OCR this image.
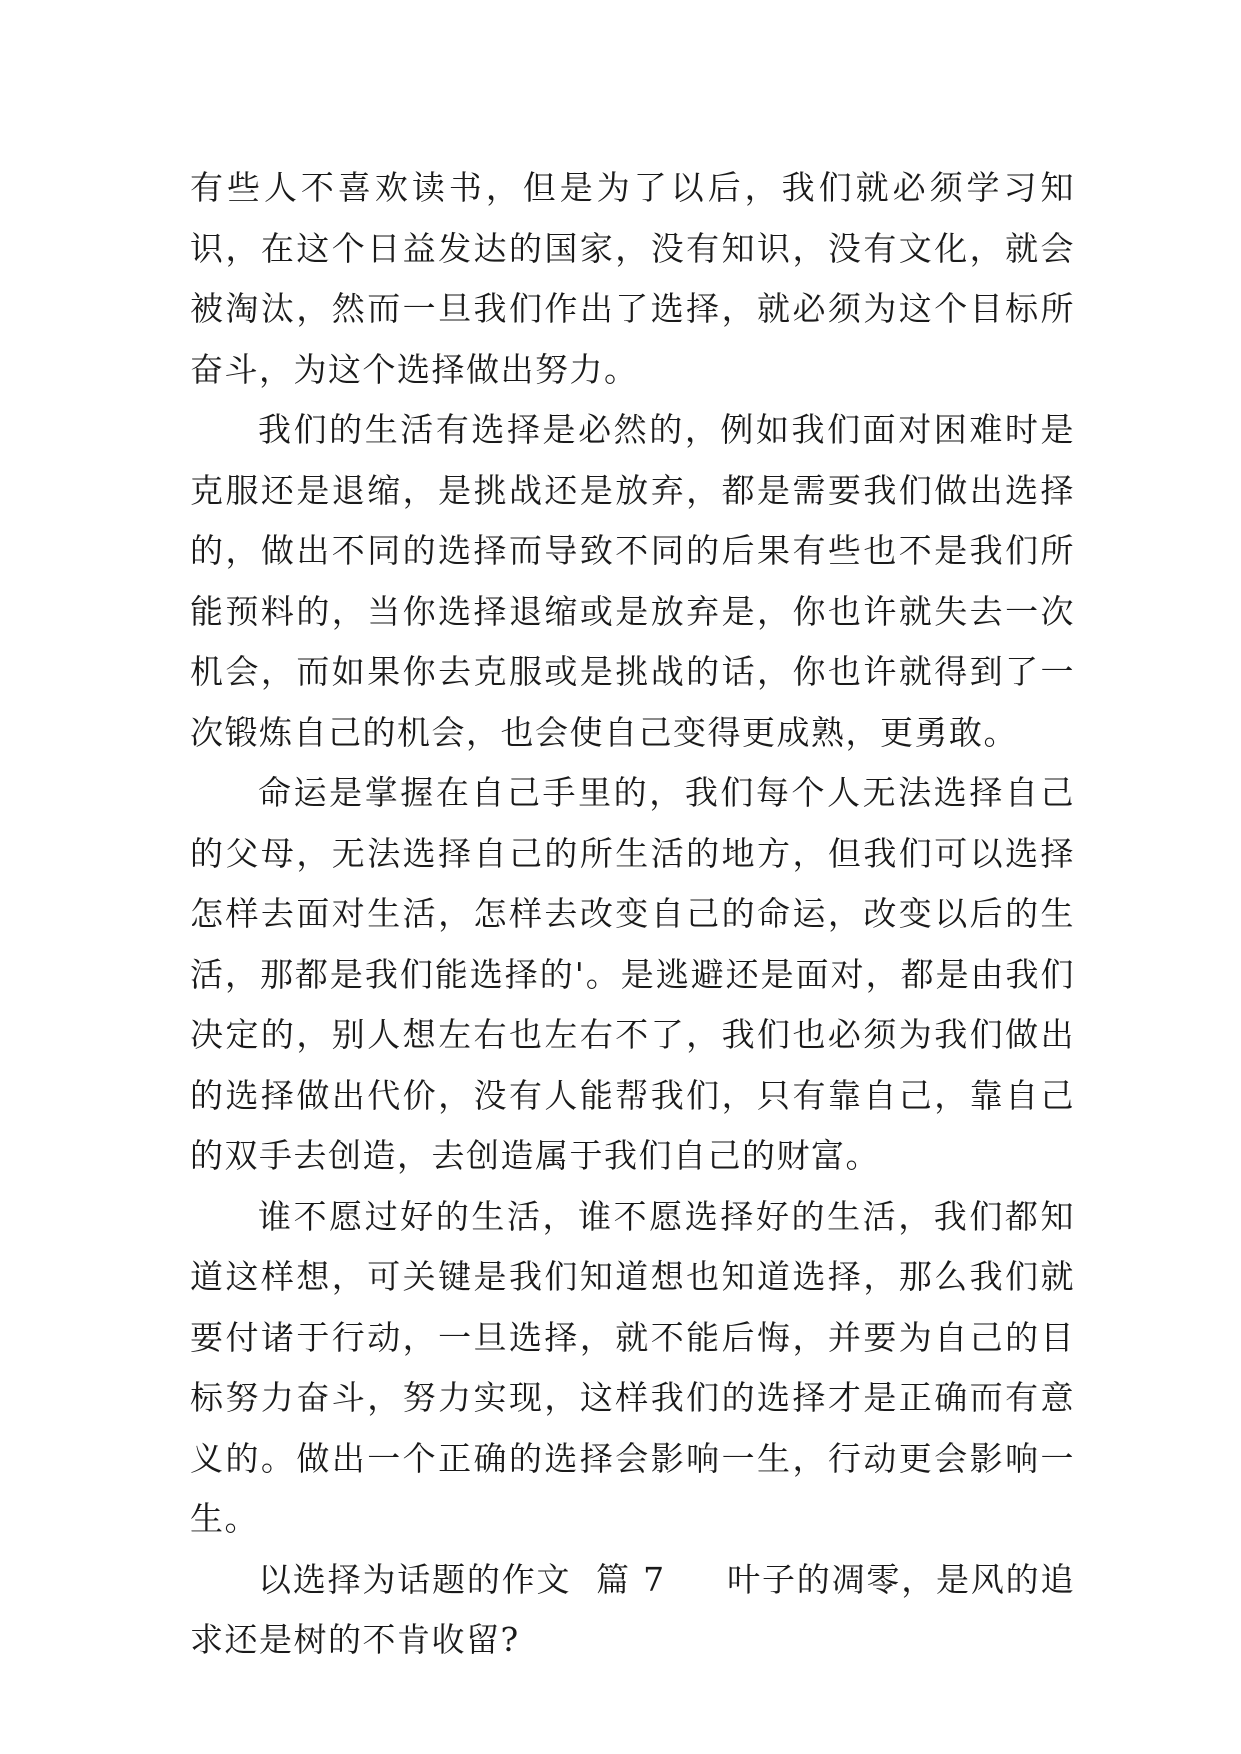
有些人不喜欢读书，但是为了以后，我们就必须学习知识，在这个日益发达的国家，没有知识，没有文化，就会被淘汰，然而一旦我们作出了选择，就必须为这个目标所奋斗，为这个选择做出努力。

我们的生活有选择是必然的，例如我们面对困难时是克服还是退缩，是挑战还是放弃，都是需要我们做出选择的，做出不同的选择而导致不同的后果有些也不是我们所能预料的，当你选择退缩或是放弃是，你也许就失去一次机会，而如果你去克服或是挑战的话，你也许就得到了一次锻炼自己的机会，也会使自己变得更成熟，更勇敢。

命运是掌握在自己手里的，我们每个人无法选择自己的父母，无法选择自己的所生活的地方，但我们可以选择怎样去面对生活，怎样去改变自己的命运，改变以后的生活，那都是我们能选择的'。是逃避还是面对，都是由我们决定的，别人想左右也左右不了，我们也必须为我们做出的选择做出代价，没有人能帮我们，只有靠自己，靠自己的双手去创造，去创造属于我们自己的财富。

谁不愿过好的生活，谁不愿选择好的生活，我们都知道这样想，可关键是我们知道想也知道选择，那么我们就要付诸于行动，一旦选择，就不能后悔，并要为自己的目标努力奋斗，努力实现，这样我们的选择才是正确而有意义的。做出一个正确的选择会影响一生，行动更会影响一生。

以选择为话题的作文  篇 7     叶子的凋零，是风的追求还是树的不肯收留?
